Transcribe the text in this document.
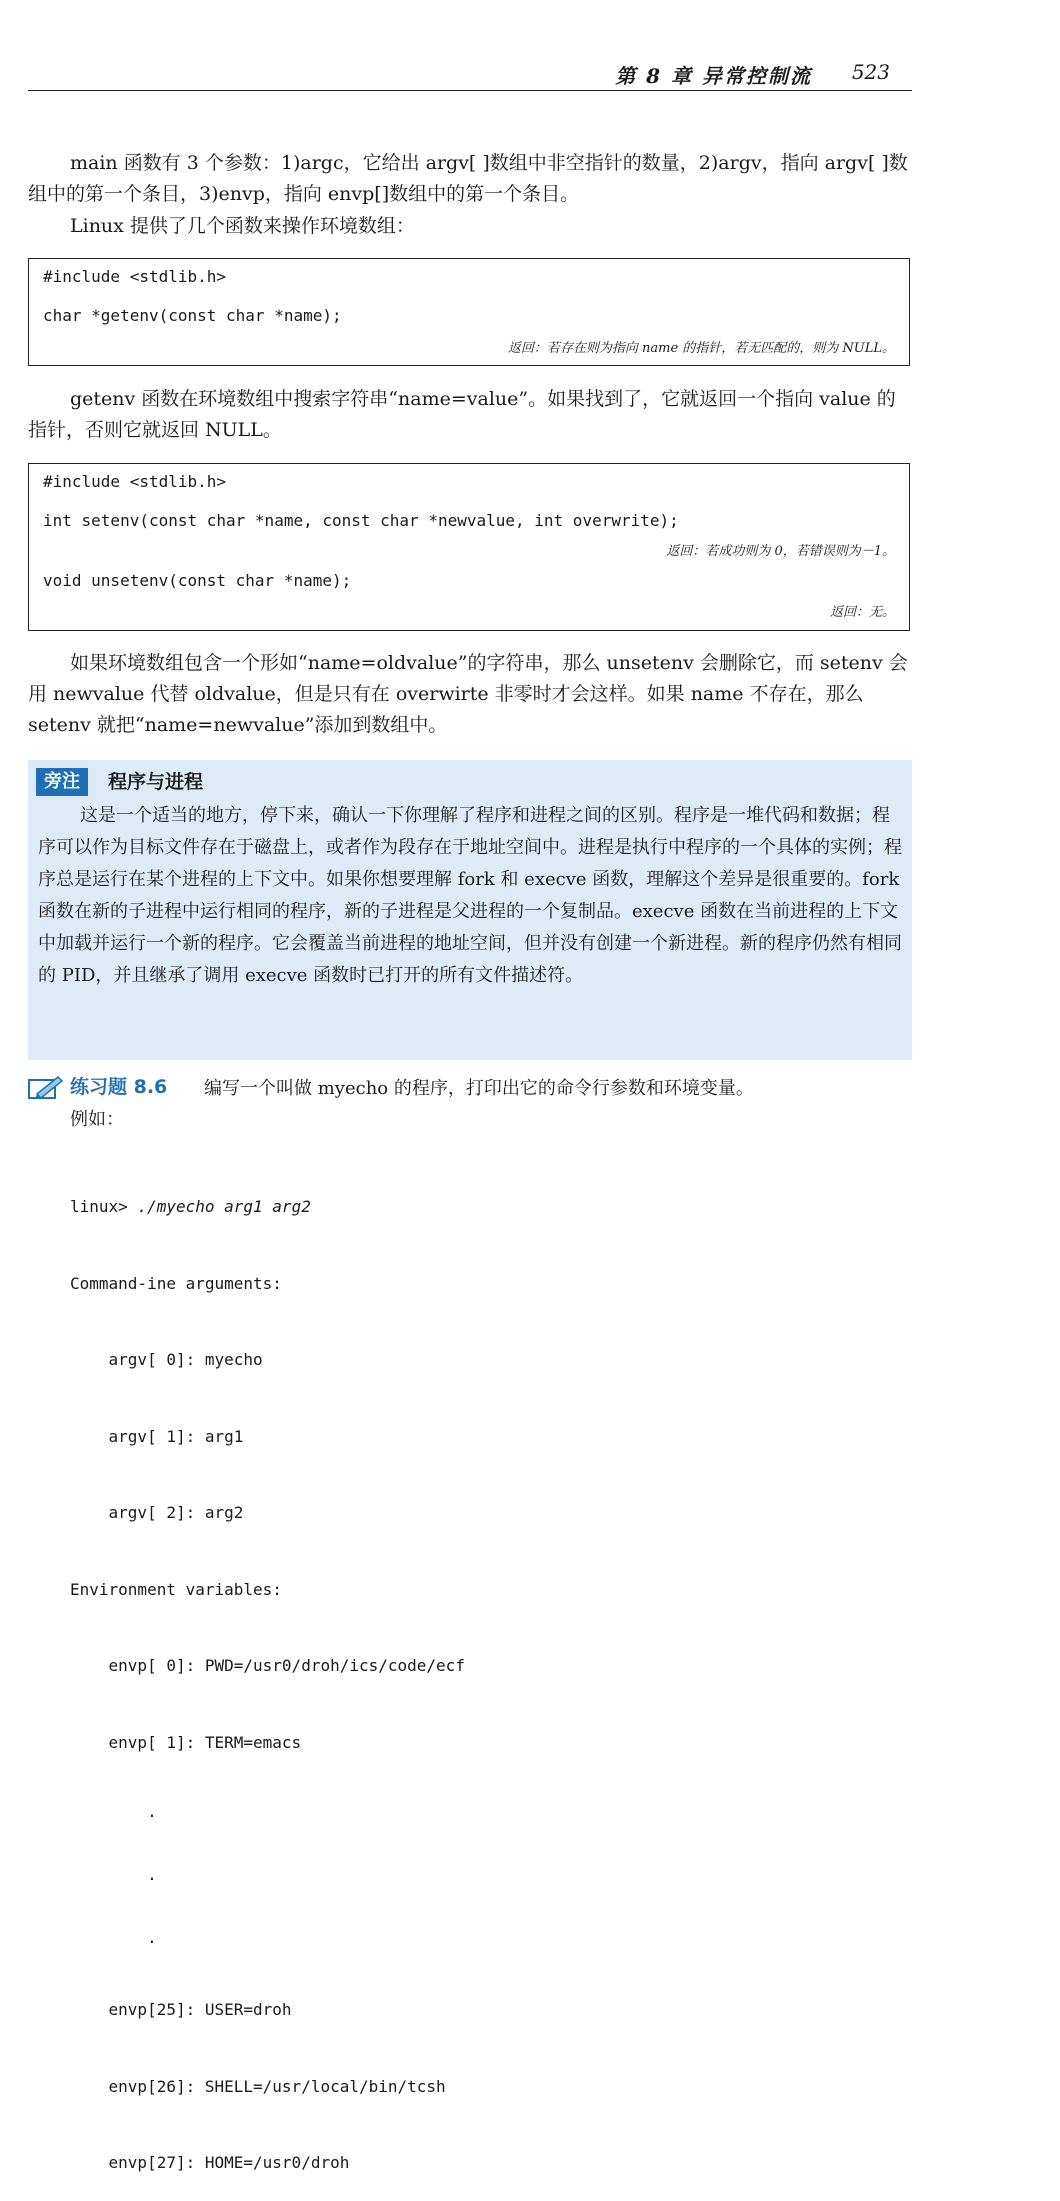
第 8 章 异常控制流 523

main 函数有 3 个参数：1)argc，它给出 argv[ ]数组中非空指针的数量，2)argv，指向 argv[ ]数组中的第一个条目，3)envp，指向 envp[]数组中的第一个条目。

Linux 提供了几个函数来操作环境数组：

#include <stdlib.h>
char *getenv(const char *name);
返回：若存在则为指向 name 的指针，若无匹配的，则为 NULL。

getenv 函数在环境数组中搜索字符串“name=value”。如果找到了，它就返回一个指向 value 的指针，否则它就返回 NULL。

#include <stdlib.h>
int setenv(const char *name, const char *newvalue, int overwrite);
返回：若成功则为 0，若错误则为－1。
void unsetenv(const char *name);
返回：无。

如果环境数组包含一个形如“name=oldvalue”的字符串，那么 unsetenv 会删除它，而 setenv 会用 newvalue 代替 oldvalue，但是只有在 overwirte 非零时才会这样。如果 name 不存在，那么 setenv 就把“name=newvalue”添加到数组中。

旁注	程序与进程

这是一个适当的地方，停下来，确认一下你理解了程序和进程之间的区别。程序是一堆代码和数据；程序可以作为目标文件存在于磁盘上，或者作为段存在于地址空间中。进程是执行中程序的一个具体的实例；程序总是运行在某个进程的上下文中。如果你想要理解 fork 和 execve 函数，理解这个差异是很重要的。fork 函数在新的子进程中运行相同的程序，新的子进程是父进程的一个复制品。execve 函数在当前进程的上下文中加载并运行一个新的程序。它会覆盖当前进程的地址空间，但并没有创建一个新进程。新的程序仍然有相同的 PID，并且继承了调用 execve 函数时已打开的所有文件描述符。

练习题 8.6 编写一个叫做 myecho 的程序，打印出它的命令行参数和环境变量。
例如：

linux> ./myecho arg1 arg2

Command-ine arguments:

argv[ 0]: myecho

argv[ 1]: arg1

argv[ 2]: arg2

Environment variables:

envp[ 0]: PWD=/usr0/droh/ics/code/ecf

envp[ 1]: TERM=emacs

.

.

.

envp[25]: USER=droh

envp[26]: SHELL=/usr/local/bin/tcsh

envp[27]: HOME=/usr0/droh
